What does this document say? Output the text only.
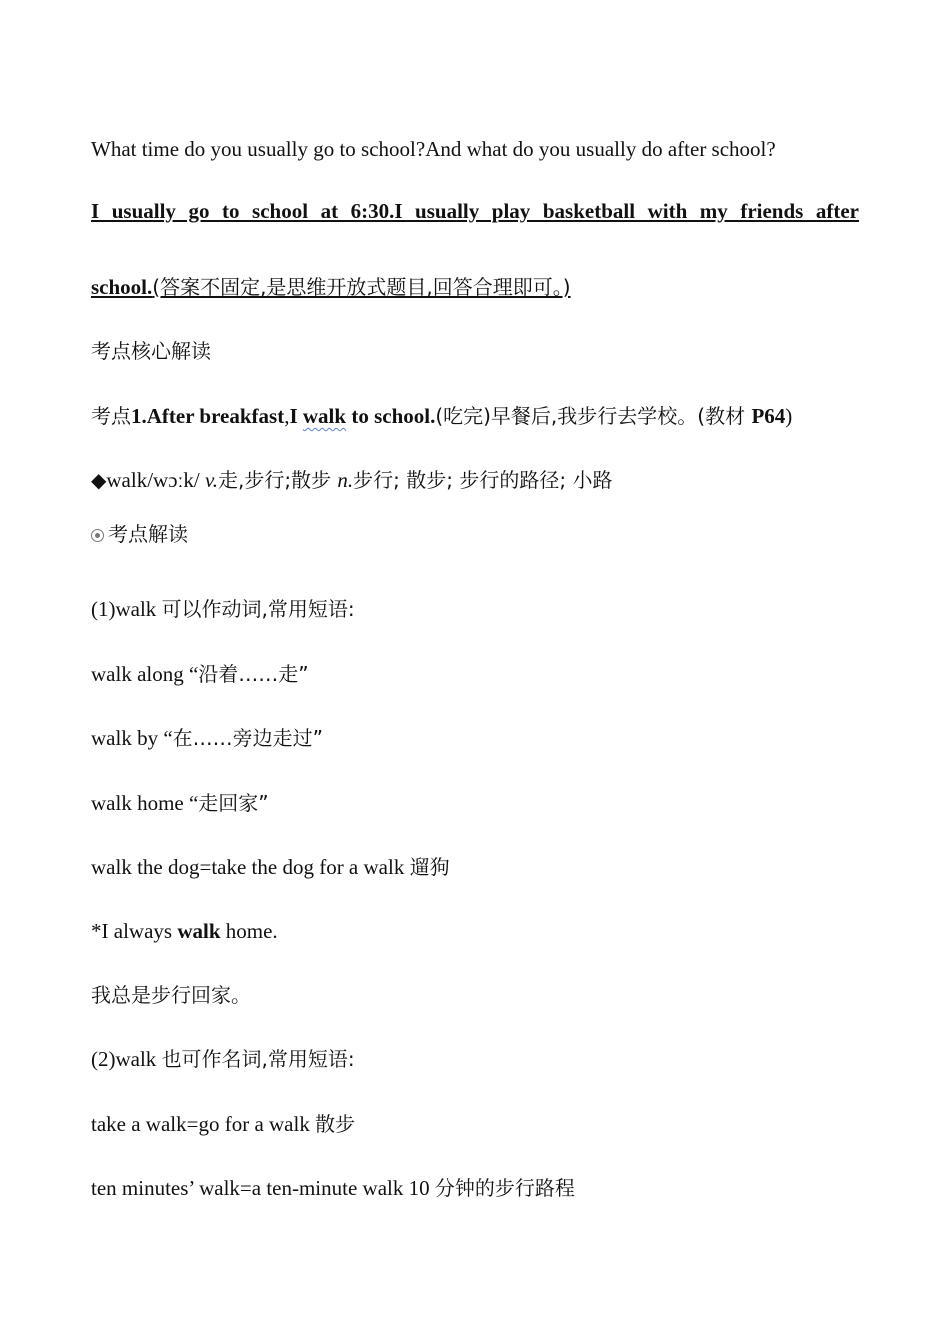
What time do you usually go to school?And what do you usually do after school?
I usually go to school at 6:30.I usually play basketball with my friends after
school.(答案不固定,是思维开放式题目,回答合理即可。)
考点核心解读
考点1.After breakfast,I walk to school.(吃完)早餐后,我步行去学校。(教材 P64)
◆walk/wɔːk/ v.走,步行;散步 n.步行; 散步; 步行的路径; 小路
考点解读
(1)walk 可以作动词,常用短语:
walk along “沿着……走”
walk by “在……旁边走过”
walk home “走回家”
walk the dog=take the dog for a walk 遛狗
*I always walk home.
我总是步行回家。
(2)walk 也可作名词,常用短语:
take a walk=go for a walk 散步
ten minutes’ walk=a ten-minute walk 10 分钟的步行路程
